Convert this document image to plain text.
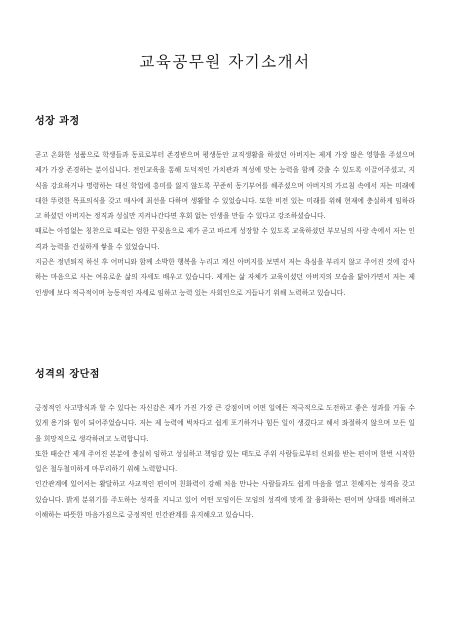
교육공무원 자기소개서
성장 과정

곧고 온화한 성품으로 학생들과 동료로부터 존경받으며 평생동안 교직생활을 하셨던 아버지는 제게 가장 많은 영향을 주셨으며 제가 가장 존경하는 분이십니다. 전인교육을 통해 도덕적인 가치관과 적성에 맞는 능력을 함께 갖출 수 있도록 이끌어주셨고, 지식을 강요하거나 명령하는 대신 학업에 흥미를 잃지 않도록 꾸준히 동기부여를 해주셨으며 아버지의 가르침 속에서 저는 미래에 대한 뚜렷한 목표의식을 갖고 매사에 최선을 다하며 생활할 수 있었습니다. 또한 비전 있는 미래를 위해 현재에 충실하게 임하라고 하셨던 아버지는 정직과 성실만 지켜나간다면 후회 없는 인생을 만들 수 있다고 강조하셨습니다.

때로는 아낌없는 칭찬으로 때로는 엄한 꾸짖음으로 제가 곧고 바르게 성장할 수 있도록 교육하셨던 부모님의 사랑 속에서 저는 인격과 능력을 건실하게 쌓을 수 있었습니다.

지금은 정년퇴직 하신 후 어머니와 함께 소박한 행복을 누리고 계신 아버지를 보면서 저는 욕심을 부리지 않고 주어진 것에 감사하는 마음으로 사는 여유로운 삶의 자세도 배우고 있습니다. 제게는 삶 자체가 교육이셨던 아버지의 모습을 닮아가면서 저는 제 인생에 보다 적극적이며 능동적인 자세로 임하고 능력 있는 사회인으로 거듭나기 위해 노력하고 있습니다.

성격의 장단점

긍정적인 사고방식과 할 수 있다는 자신감은 제가 가진 가장 큰 강점이며 어떤 일에든 적극적으로 도전하고 좋은 성과를 거둘 수 있게 용기와 힘이 되어주었습니다. 저는 제 능력에 벅차다고 쉽게 포기하거나 힘든 일이 생겼다고 해서 좌절하지 않으며 모든 일을 희망적으로 생각하려고 노력합니다.

또한 때순간 제게 주어진 본분에 충실히 임하고 성실하고 책임감 있는 태도로 주위 사람들로부터 신뢰를 받는 편이며 한번 시작한 일은 철두철미하게 마무리하기 위해 노력합니다.

인간관계에 있어서는 활달하고 사교적인 편이며 친화력이 강해 처음 만나는 사람들과도 쉽게 마음을 열고 친해지는 성격을 갖고 있습니다. 밝게 분위기를 주도하는 성격을 지니고 있어 어떤 모임이든 모임의 성격에 맞게 잘 융화하는 편이며 상대를 배려하고 이해하는 따뜻한 마음가짐으로 긍정적인 인간관계를 유지해오고 있습니다.
